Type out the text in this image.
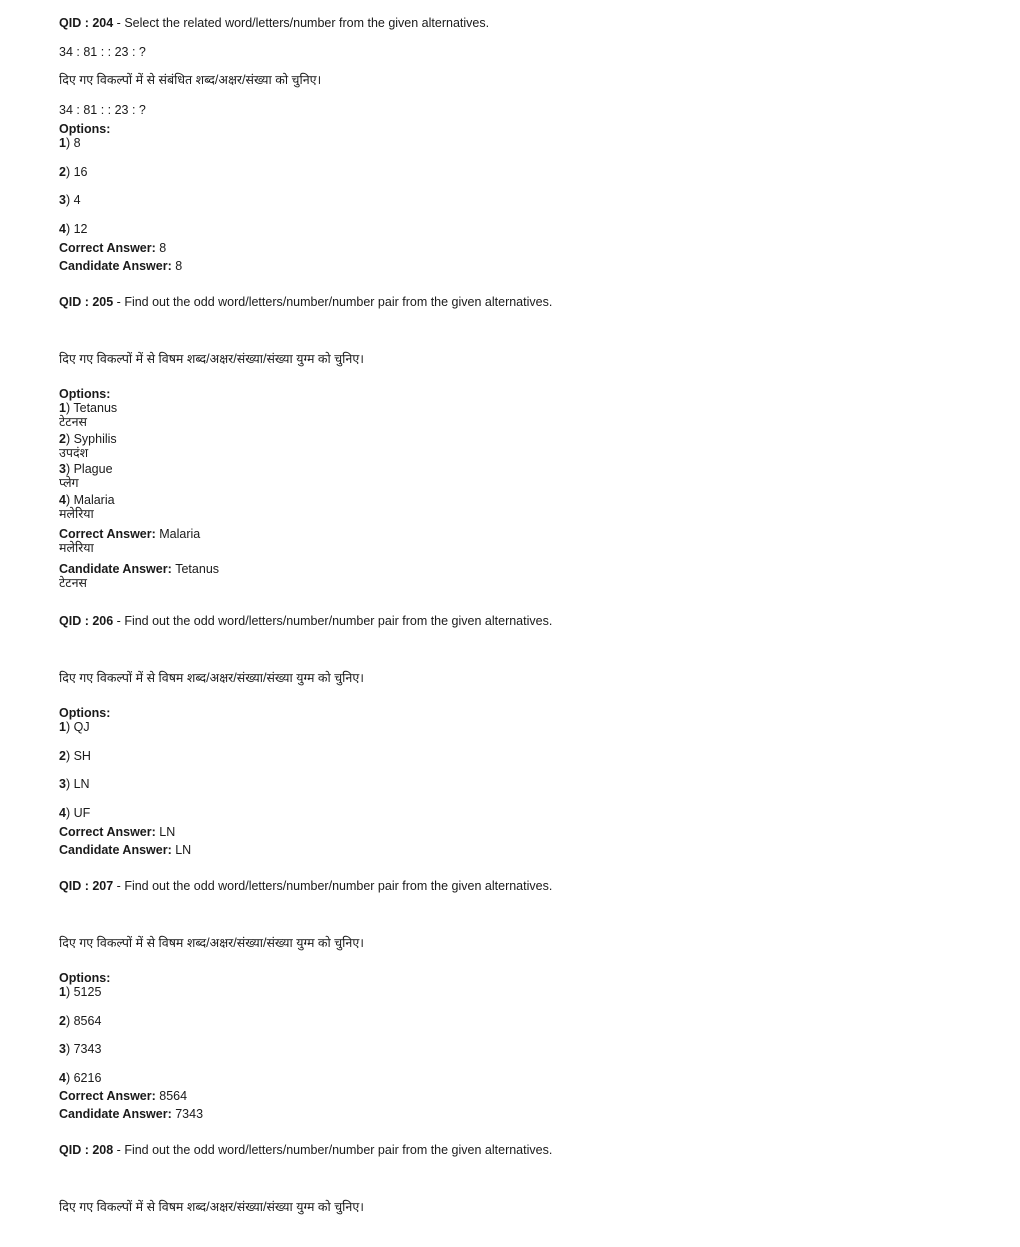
QID : 204 - Select the related word/letters/number from the given alternatives.
34 : 81 : : 23 : ?
दिए गए विकल्पों में से संबंधित शब्द/अक्षर/संख्या को चुनिए।
34 : 81 : : 23 : ?
Options:
1) 8
2) 16
3) 4
4) 12
Correct Answer: 8
Candidate Answer: 8
QID : 205 - Find out the odd word/letters/number/number pair from the given alternatives.
दिए गए विकल्पों में से विषम शब्द/अक्षर/संख्या/संख्या युग्म को चुनिए।
Options:
1) Tetanus
टेटनस
2) Syphilis
उपदंश
3) Plague
प्लेग
4) Malaria
मलेरिया
Correct Answer: Malaria
मलेरिया
Candidate Answer: Tetanus
टेटनस
QID : 206 - Find out the odd word/letters/number/number pair from the given alternatives.
दिए गए विकल्पों में से विषम शब्द/अक्षर/संख्या/संख्या युग्म को चुनिए।
Options:
1) QJ
2) SH
3) LN
4) UF
Correct Answer: LN
Candidate Answer: LN
QID : 207 - Find out the odd word/letters/number/number pair from the given alternatives.
दिए गए विकल्पों में से विषम शब्द/अक्षर/संख्या/संख्या युग्म को चुनिए।
Options:
1) 5125
2) 8564
3) 7343
4) 6216
Correct Answer: 8564
Candidate Answer: 7343
QID : 208 - Find out the odd word/letters/number/number pair from the given alternatives.
दिए गए विकल्पों में से विषम शब्द/अक्षर/संख्या/संख्या युग्म को चुनिए।
